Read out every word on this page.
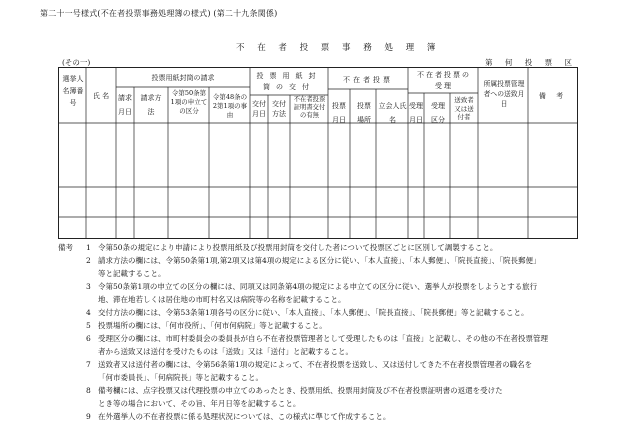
第二十一号様式(不在者投票事務処理簿の様式) (第二十九条関係)
不 在 者 投 票 事 務 処 理 簿
(その一)	第 何 投 票 区
選挙人名簿番号
氏 名
投票用紙封筒の請求
請求月日
請求方法
令第50条第1項の申立ての区分
令第48条の2第1項の事由
投票用紙封筒の交付
交付月日
交付方法
不在者投票証明書交付の有無
不在者投票
投票月日
投票場所
立会人氏名
不在者投票の受理
受理月日
受理区分
送致者又は送付者
所属投票管理者への送致月日
備 考
備考 1 令第50条の規定により申請により投票用紙及び投票用封筒を交付した者について投票区ごとに区別して調製すること。
2 請求方法の欄には、令第50条第1項,第2項又は第4項の規定による区分に従い、「本人直接」、「本人郵便」、「院長直接」、「院長郵便」
等と記載すること。
3 令第50条第1項の申立ての区分の欄には、同項又は同条第4項の規定による申立ての区分に従い、選挙人が投票をしようとする旅行
地、滞在地若しくは居住地の市町村名又は病院等の名称を記載すること。
4 交付方法の欄には、令第53条第1項各号の区分に従い、「本人直接」、「本人郵便」、「院長直接」、「院長郵便」等と記載すること。
5 投票場所の欄には、「何市役所」、「何市何病院」等と記載すること。
6 受理区分の欄には、市町村委員会の委員長が自ら不在者投票管理者として受理したものは「直接」と記載し、その他の不在者投票管理
者から送致又は送付を受けたものは「送致」又は「送付」と記載すること。
7 送致者又は送付者の欄には、令第56条第1項の規定によって、不在者投票を送致し、又は送付してきた不在者投票管理者の職名を
「何市委員長」、「何病院長」等と記載すること。
8 備考欄には、点字投票又は代理投票の申立てのあったとき、投票用紙、投票用封筒及び不在者投票証明書の返還を受けた
とき等の場合において、その旨、年月日等を記載すること。
9 在外選挙人の不在者投票に係る処理状況については、この様式に準じて作成すること。
